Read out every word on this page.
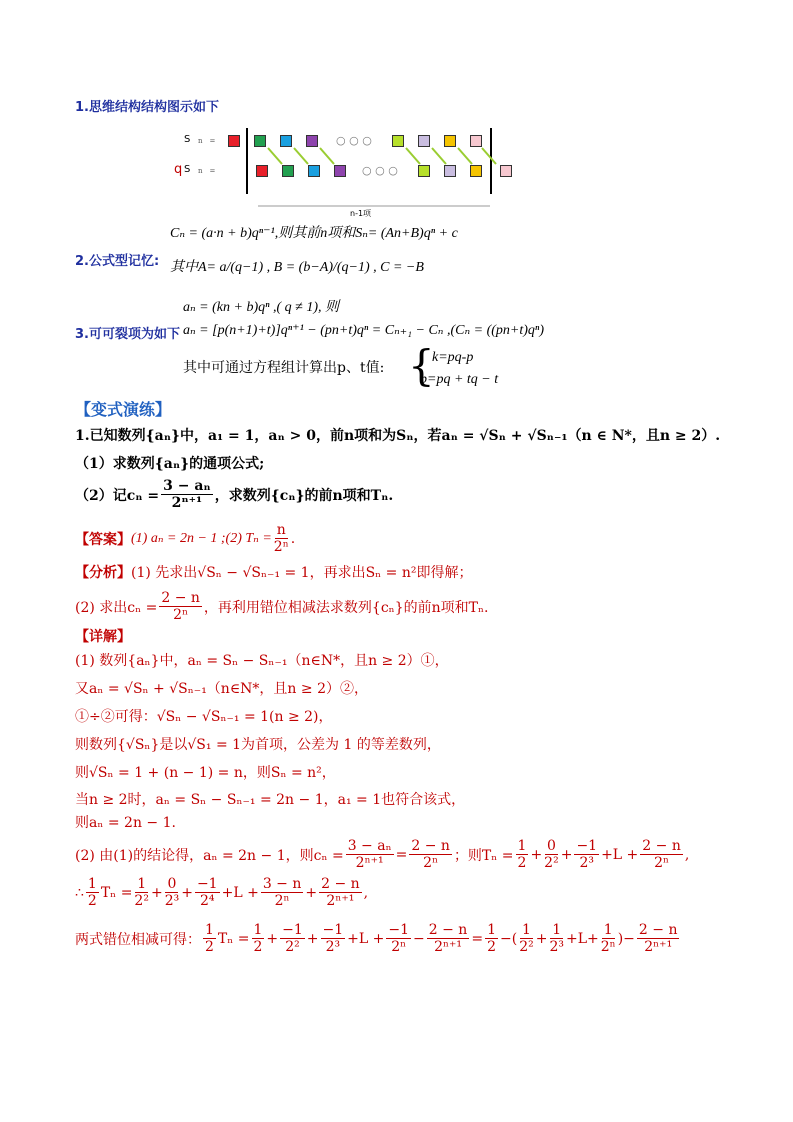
1.思维结构结构图示如下
S n　=
q S n　=
○ ○ ○
○ ○ ○
n-1项
Cₙ = (a·n + b)qⁿ⁻¹,则其前n项和Sₙ= (An+B)qⁿ + c
2.公式型记忆: 其中A= a/(q−1) , B = (b−A)/(q−1) , C = −B
aₙ = (kn + b)qⁿ ,( q ≠ 1), 则
3.可可裂项为如下 aₙ = [p(n+1)+t)]qⁿ⁺¹ − (pn+t)qⁿ = Cₙ₊₁ − Cₙ ,(Cₙ = ((pn+t)qⁿ)
其中可通过方程组计算出p、t值: {
k=pq-p
b=pq + tq − t
【变式演练】
1.已知数列{aₙ}中，a₁ = 1，aₙ > 0，前n项和为Sₙ，若aₙ = √Sₙ + √Sₙ₋₁（n ∈ N*，且n ≥ 2）.
（1）求数列{aₙ}的通项公式;
（2）记$c_n = \frac{\text{3 − aₙ}}{\text{2ⁿ⁺¹}}$ ，求数列{cₙ}的前n项和Tₙ.
【答案】 (1) aₙ = 2n − 1 ;(2) $T_n = \frac{n}{\text{2ⁿ}}$ .
【分析】(1) 先求出√Sₙ − √Sₙ₋₁ = 1，再求出Sₙ = n²即得解；
(2) 求出$c_n = \frac{2 - n}{\text{2ⁿ}}$ ，再利用错位相减法求数列{cₙ}的前n项和Tₙ.
【详解】
(1) 数列{aₙ}中，aₙ = Sₙ − Sₙ₋₁（n∈N*，且n ≥ 2）①，
又aₙ = √Sₙ + √Sₙ₋₁（n∈N*，且n ≥ 2）②，
①÷②可得：√Sₙ − √Sₙ₋₁ = 1(n ≥ 2)，
则数列{√Sₙ}是以√S₁ = 1为首项，公差为 1 的等差数列，
则√Sₙ = 1 + (n − 1) = n，则Sₙ = n²，
当n ≥ 2时，aₙ = Sₙ − Sₙ₋₁ = 2n − 1，a₁ = 1也符合该式，
则aₙ = 2n − 1.
(2) 由(1)的结论得，aₙ = 2n − 1，则$c_n = \frac{\text{3 − aₙ}}{\text{2ⁿ⁺¹}} = \frac{2 - n}{\text{2ⁿ}}$ ；则$T_n = \frac{1}{2} + \frac{0}{\text{2²}} + \frac{-1}{\text{2³}} +L + \frac{2 - n}{\text{2ⁿ}}$ ,
∴ $\frac{1}{2}$ $T_n = \frac{1}{\text{2²}} + \frac{0}{\text{2³}} + \frac{-1}{\text{2⁴}} +L + \frac{3 - n}{\text{2ⁿ}} + \frac{2 - n}{\text{2ⁿ⁺¹}}$ ,
两式错位相减可得： $\frac{1}{2}$ $T_n = \frac{1}{2} + \frac{-1}{\text{2²}} + \frac{-1}{\text{2³}} +L + \frac{-1}{\text{2ⁿ}} - \frac{2 - n}{\text{2ⁿ⁺¹}} = \frac{1}{2}$ −( $\frac{1}{\text{2²}} + \frac{1}{\text{2³}} +L+ \frac{1}{\text{2ⁿ}}$ )− $\frac{2 - n}{\text{2ⁿ⁺¹}}$
